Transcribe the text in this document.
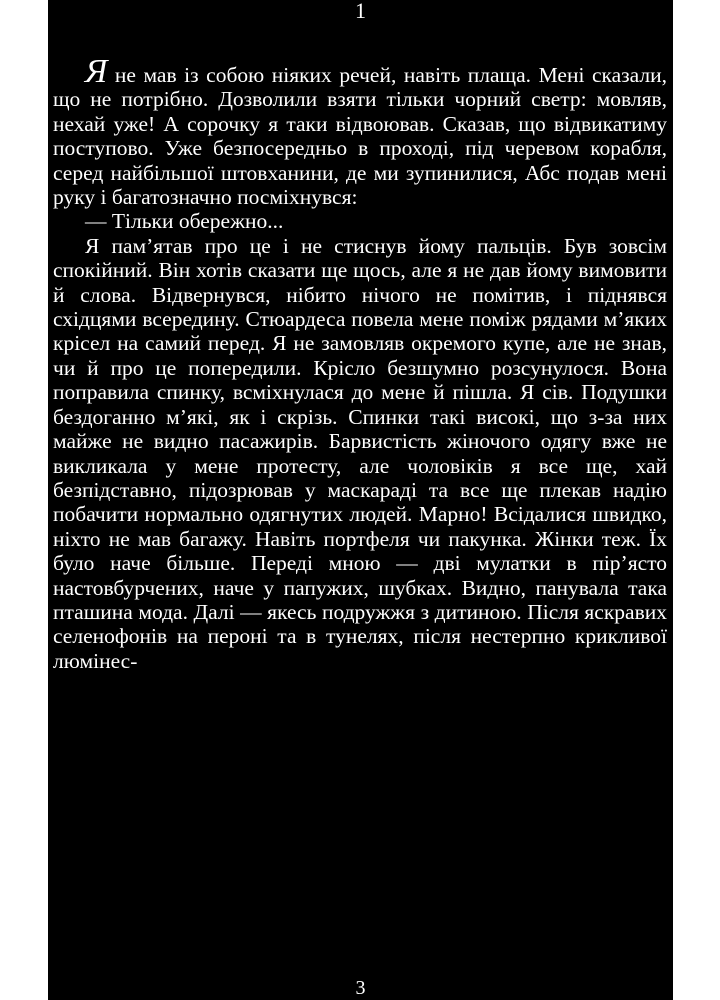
1

Я не мав із собою ніяких речей, навіть плаща. Мені сказали, що не потрібно. Дозволили взяти тільки чорний светр: мовляв, нехай уже! А сорочку я таки відвоював. Сказав, що відвикатиму поступово. Уже безпосередньо в проході, під черевом корабля, серед найбільшої штовханини, де ми зупинилися, Абс подав мені руку і багатозначно посміхнувся:

— Тільки обережно...

Я пам’ятав про це і не стиснув йому пальців. Був зовсім спокійний. Він хотів сказати ще щось, але я не дав йому вимовити й слова. Відвернувся, нібито нічого не помітив, і піднявся східцями всередину. Стюардеса повела мене поміж рядами м’яких крісел на самий перед. Я не замовляв окремого купе, але не знав, чи й про це попередили. Крісло безшумно розсунулося. Вона поправила спинку, всміхнулася до мене й пішла. Я сів. Подушки бездоганно м’які, як і скрізь. Спинки такі високі, що з-за них майже не видно пасажирів. Барвистість жіночого одягу вже не викликала у мене протесту, але чоловіків я все ще, хай безпідставно, підозрював у маскараді та все ще плекав надію побачити нормально одягнутих людей. Марно! Всідалися швидко, ніхто не мав багажу. Навіть портфеля чи пакунка. Жінки теж. Їх було наче більше. Переді мною — дві мулатки в пір’ясто настовбурчених, наче у папужих, шубках. Видно, панувала така пташина мода. Далі — якесь подружжя з дитиною. Після яскравих селенофонів на пероні та в тунелях, після нестерпно крикливої люмінес-

3
